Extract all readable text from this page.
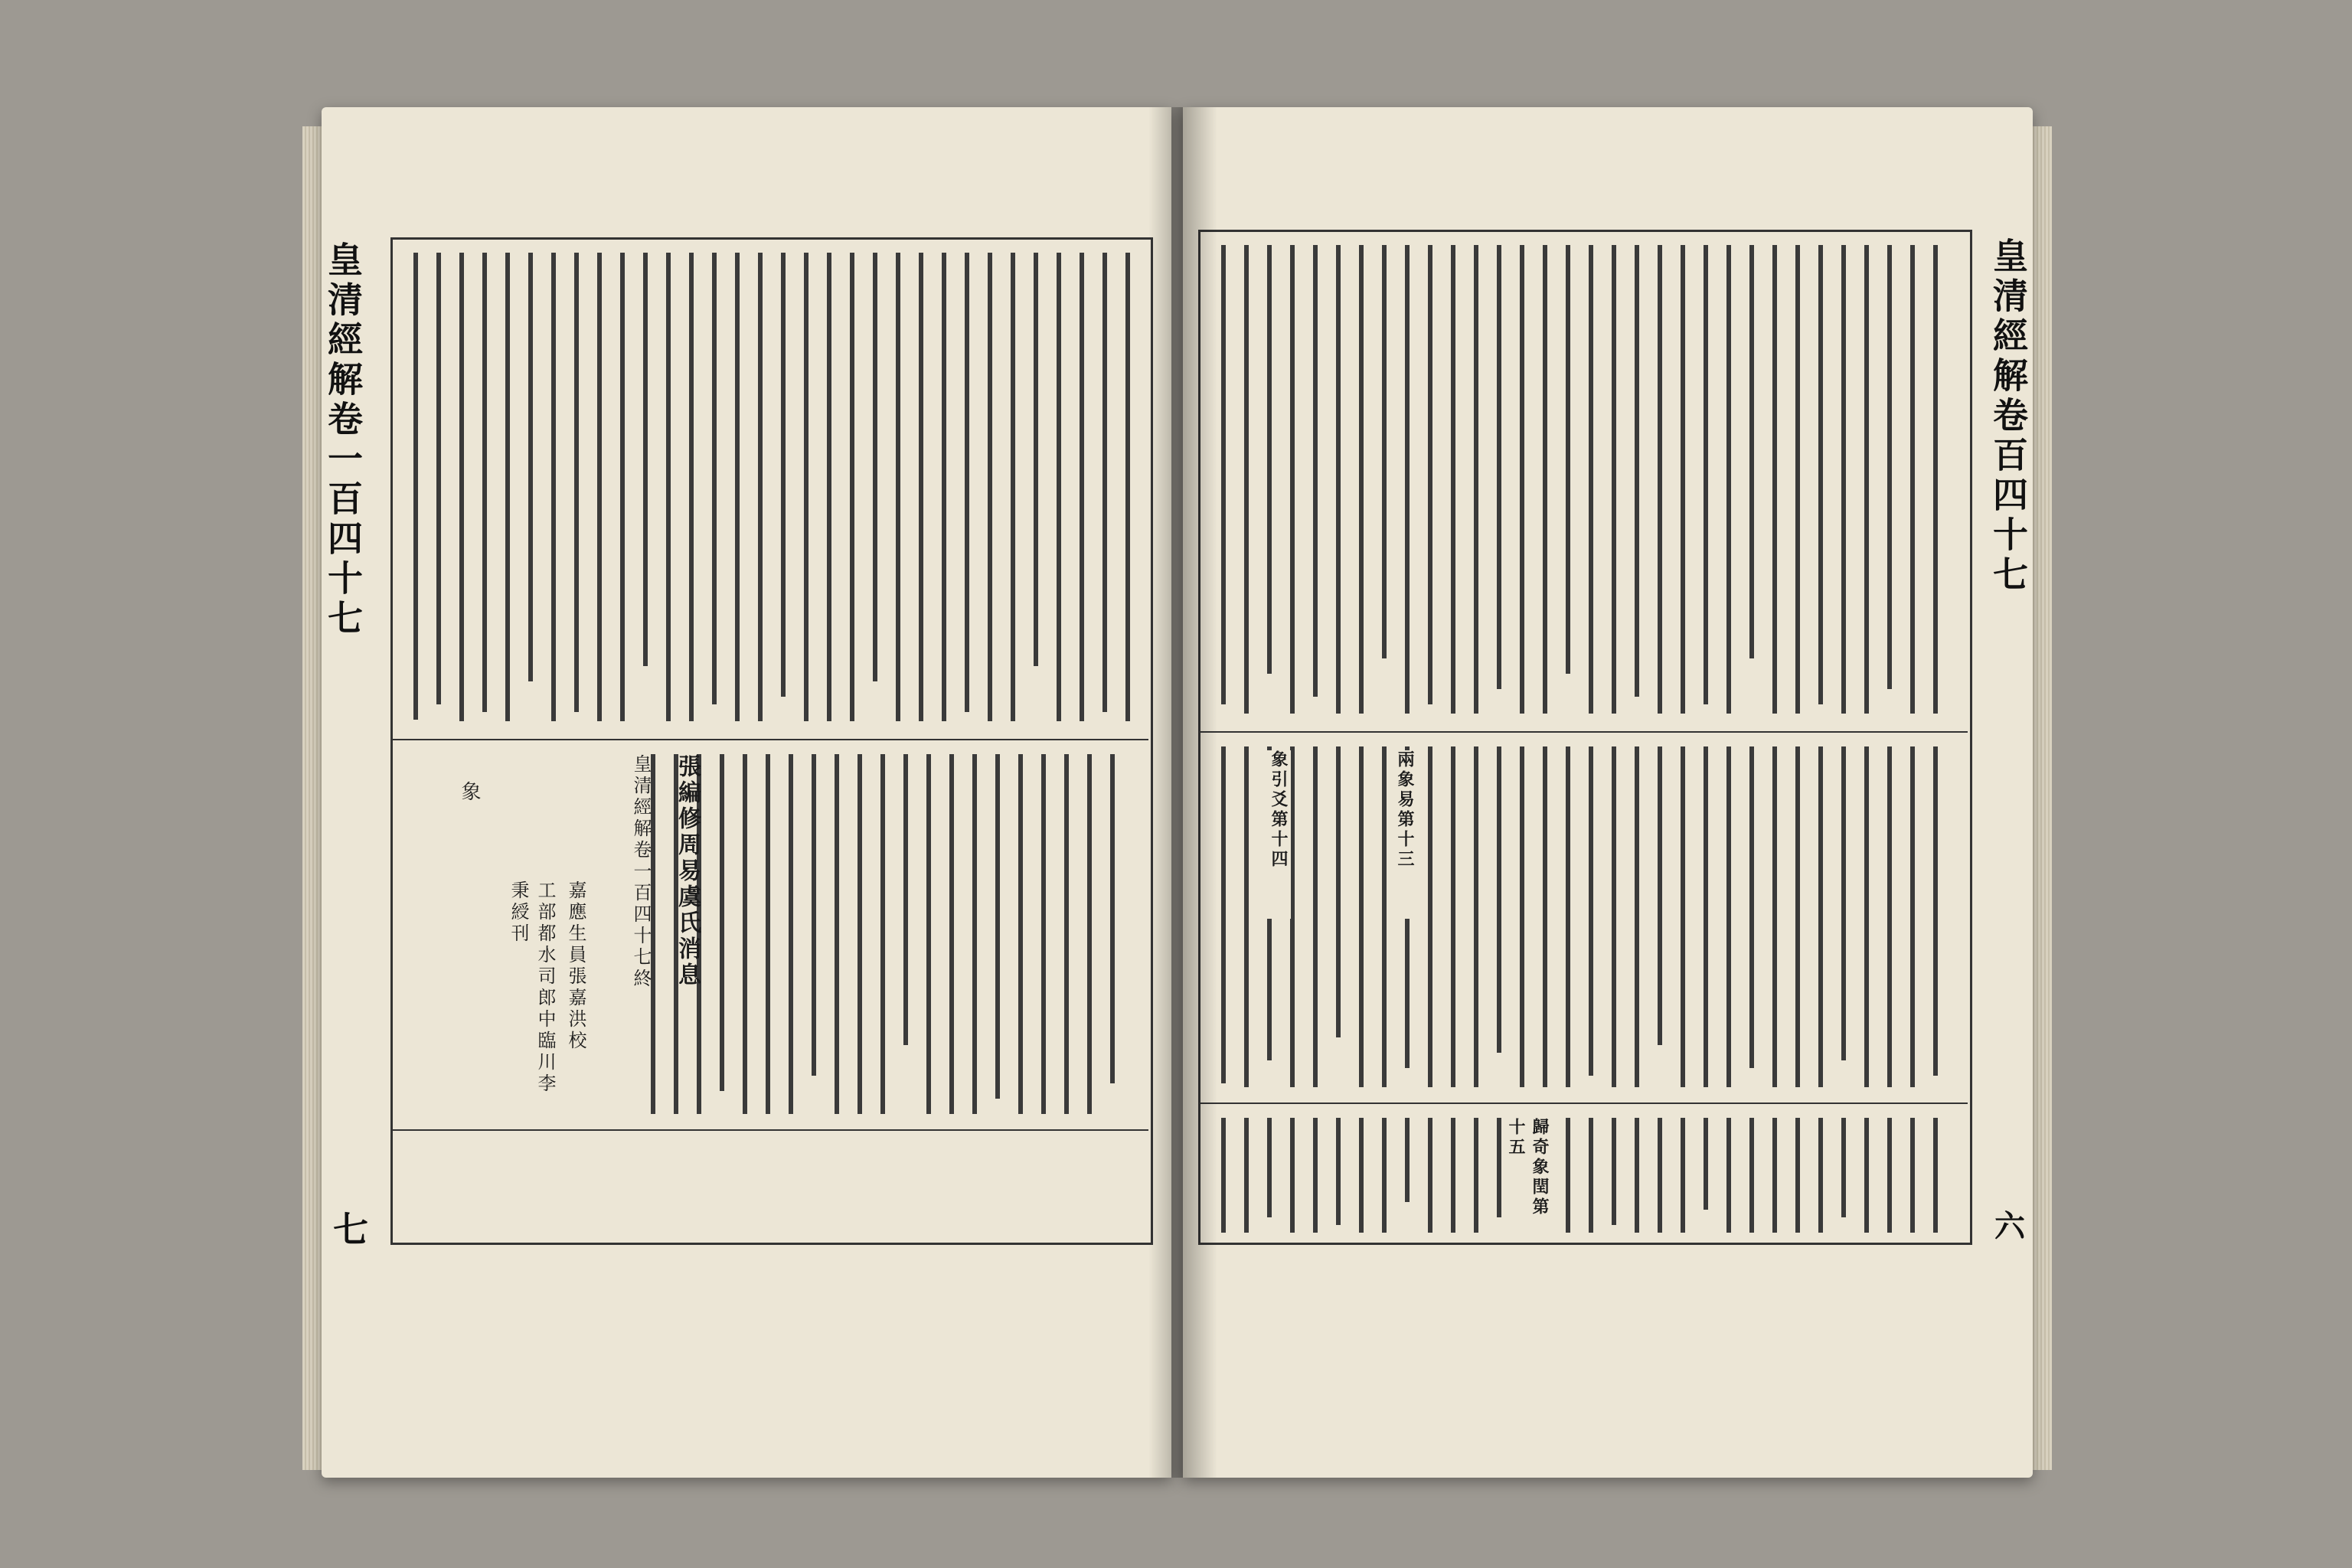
皇清經解卷一百四十七終 張編修周易虞氏消息
嘉應生員張嘉洪校
工部都水司郎中臨川李秉綬刊
象
皇清經解卷一百四十七
七
兩象易第十三
象引爻第十四
歸奇象閏第十五
皇清經解卷百四十七
六
